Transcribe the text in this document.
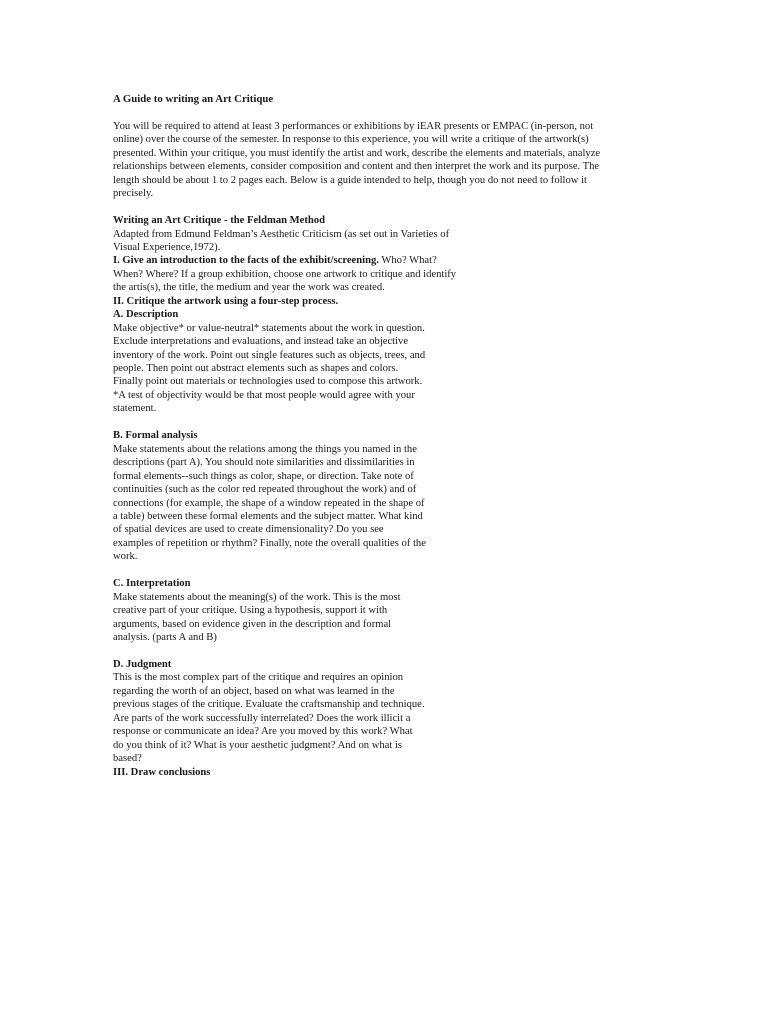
A Guide to writing an Art Critique
You will be required to attend at least 3 performances or exhibitions by iEAR presents or EMPAC (in-person, not
online) over the course of the semester. In response to this experience, you will write a critique of the artwork(s)
presented. Within your critique, you must identify the artist and work, describe the elements and materials, analyze
relationships between elements, consider composition and content and then interpret the work and its purpose. The
length should be about 1 to 2 pages each. Below is a guide intended to help, though you do not need to follow it
precisely.
Writing an Art Critique - the Feldman Method
Adapted from Edmund Feldman’s Aesthetic Criticism (as set out in Varieties of
Visual Experience,1972).
I. Give an introduction to the facts of the exhibit/screening. Who? What?
When? Where? If a group exhibition, choose one artwork to critique and identify
the artis(s), the title, the medium and year the work was created.
II. Critique the artwork using a four-step process.
A. Description
Make objective* or value-neutral* statements about the work in question.
Exclude interpretations and evaluations, and instead take an objective
inventory of the work. Point out single features such as objects, trees, and
people. Then point out abstract elements such as shapes and colors.
Finally point out materials or technologies used to compose this artwork.
*A test of objectivity would be that most people would agree with your
statement.
B. Formal analysis
Make statements about the relations among the things you named in the
descriptions (part A). You should note similarities and dissimilarities in
formal elements--such things as color, shape, or direction. Take note of
continuities (such as the color red repeated throughout the work) and of
connections (for example, the shape of a window repeated in the shape of
a table) between these formal elements and the subject matter. What kind
of spatial devices are used to create dimensionality? Do you see
examples of repetition or rhythm? Finally, note the overall qualities of the
work.
C. Interpretation
Make statements about the meaning(s) of the work. This is the most
creative part of your critique. Using a hypothesis, support it with
arguments, based on evidence given in the description and formal
analysis. (parts A and B)
D. Judgment
This is the most complex part of the critique and requires an opinion
regarding the worth of an object, based on what was learned in the
previous stages of the critique. Evaluate the craftsmanship and technique.
Are parts of the work successfully interrelated? Does the work illicit a
response or communicate an idea? Are you moved by this work? What
do you think of it? What is your aesthetic judgment? And on what is
based?
III. Draw conclusions
